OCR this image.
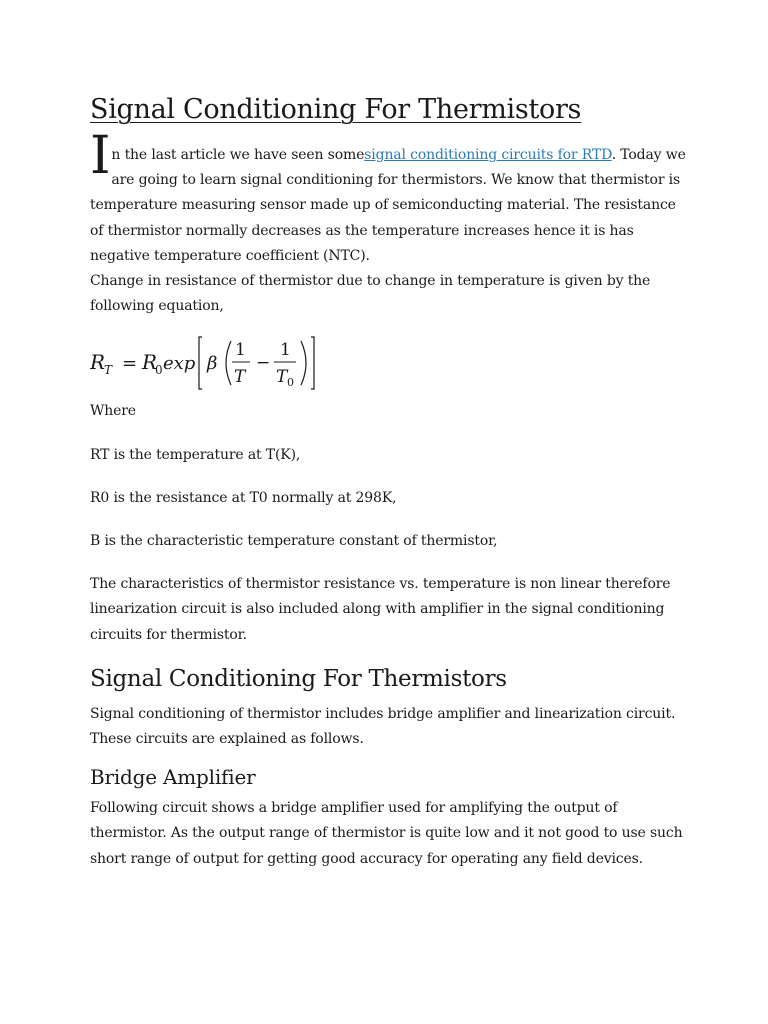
Signal Conditioning For Thermistors

I n the last article we have seen somesignal conditioning circuits for RTD. Today we are going to learn signal conditioning for thermistors. We know that thermistor is temperature measuring sensor made up of semiconducting material. The resistance of thermistor normally decreases as the temperature increases hence it is has negative temperature coefficient (NTC).

Change in resistance of thermistor due to change in temperature is given by the following equation,

R
T = R
0 exp β
1
T
−
1
T 0

Where

RT is the temperature at T(K),

R0 is the resistance at T0 normally at 298K,

B is the characteristic temperature constant of thermistor,

The characteristics of thermistor resistance vs. temperature is non linear therefore linearization circuit is also included along with amplifier in the signal conditioning circuits for thermistor.

Signal Conditioning For Thermistors

Signal conditioning of thermistor includes bridge amplifier and linearization circuit. These circuits are explained as follows.

Bridge Amplifier

Following circuit shows a bridge amplifier used for amplifying the output of thermistor. As the output range of thermistor is quite low and it not good to use such short range of output for getting good accuracy for operating any field devices.
